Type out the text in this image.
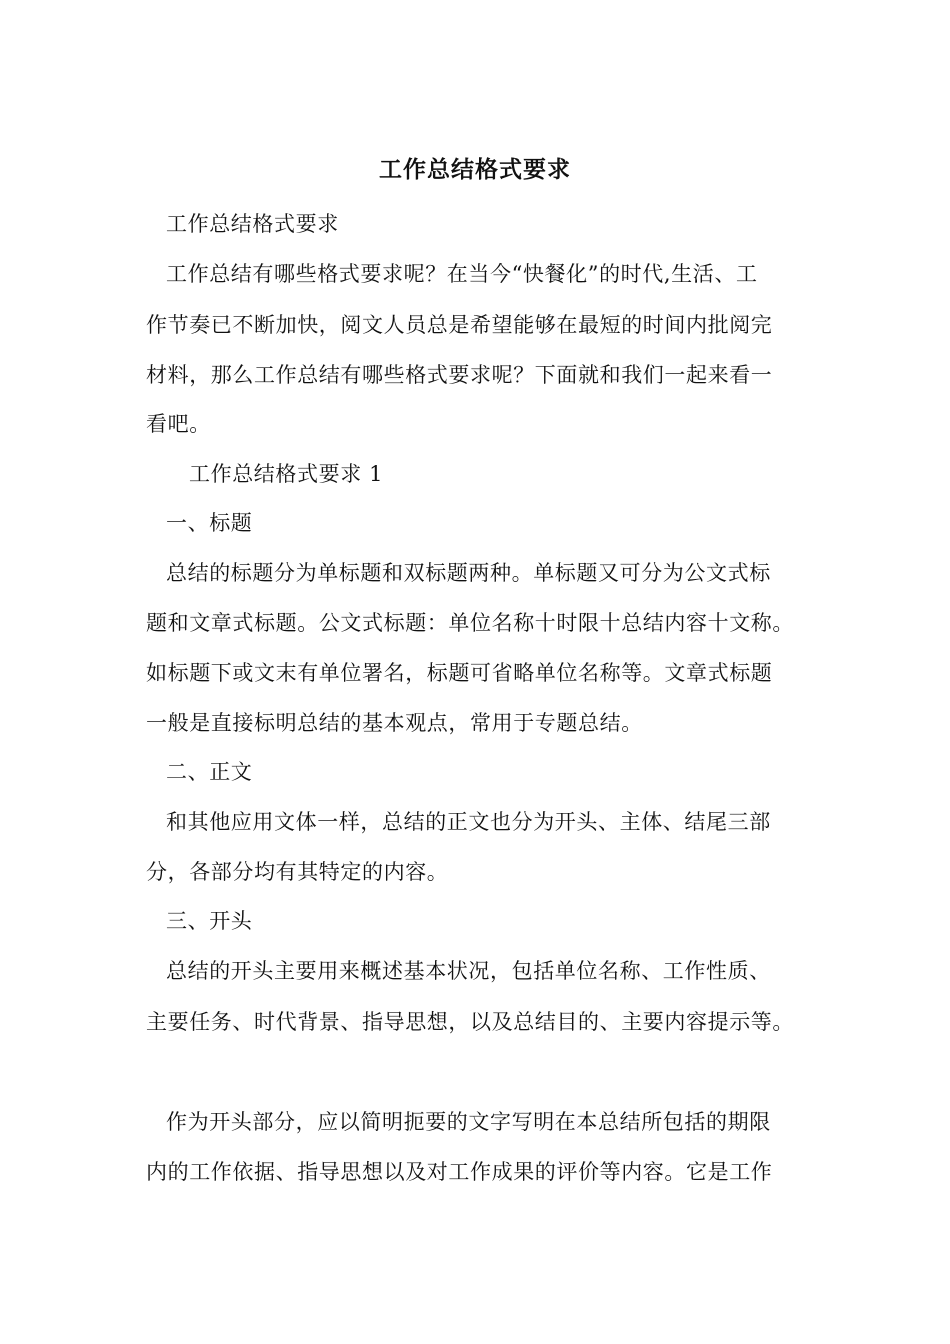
工作总结格式要求
工作总结格式要求
工作总结有哪些格式要求呢？在当今“快餐化”的时代,生活、工
作节奏已不断加快，阅文人员总是希望能够在最短的时间内批阅完
材料，那么工作总结有哪些格式要求呢？下面就和我们一起来看一
看吧。
工作总结格式要求 1
一、标题
总结的标题分为单标题和双标题两种。单标题又可分为公文式标
题和文章式标题。公文式标题：单位名称十时限十总结内容十文称。
如标题下或文末有单位署名，标题可省略单位名称等。文章式标题
一般是直接标明总结的基本观点，常用于专题总结。
二、正文
和其他应用文体一样，总结的正文也分为开头、主体、结尾三部
分，各部分均有其特定的内容。
三、开头
总结的开头主要用来概述基本状况，包括单位名称、工作性质、
主要任务、时代背景、指导思想，以及总结目的、主要内容提示等。
作为开头部分，应以简明扼要的文字写明在本总结所包括的期限
内的工作依据、指导思想以及对工作成果的评价等内容。它是工作
